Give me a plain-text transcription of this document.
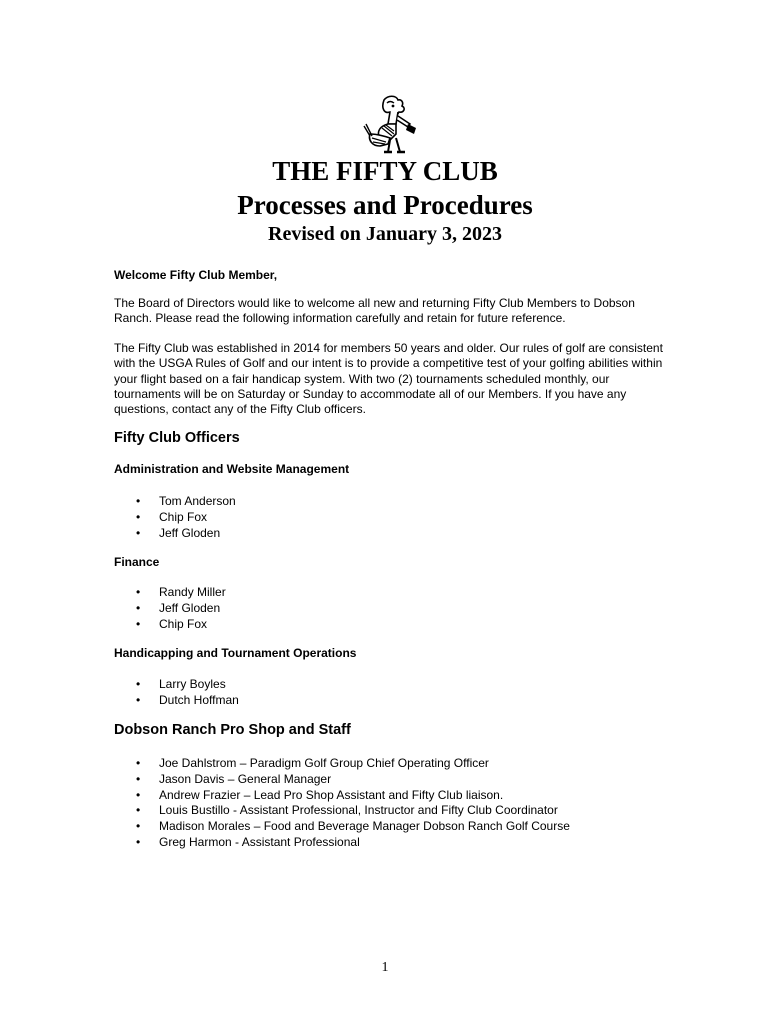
THE FIFTY CLUB
Processes and Procedures
Revised on January 3, 2023
Welcome Fifty Club Member,
The Board of Directors would like to welcome all new and returning Fifty Club Members to Dobson Ranch. Please read the following information carefully and retain for future reference.
The Fifty Club was established in 2014 for members 50 years and older. Our rules of golf are consistent with the USGA Rules of Golf and our intent is to provide a competitive test of your golfing abilities within your flight based on a fair handicap system. With two (2) tournaments scheduled monthly, our tournaments will be on Saturday or Sunday to accommodate all of our Members. If you have any questions, contact any of the Fifty Club officers.
Fifty Club Officers
Administration and Website Management
• Tom Anderson
• Chip Fox
• Jeff Gloden
Finance
• Randy Miller
• Jeff Gloden
• Chip Fox
Handicapping and Tournament Operations
• Larry Boyles
• Dutch Hoffman
Dobson Ranch Pro Shop and Staff
• Joe Dahlstrom – Paradigm Golf Group Chief Operating Officer
• Jason Davis – General Manager
• Andrew Frazier – Lead Pro Shop Assistant and Fifty Club liaison.
• Louis Bustillo - Assistant Professional, Instructor and Fifty Club Coordinator
• Madison Morales – Food and Beverage Manager Dobson Ranch Golf Course
• Greg Harmon - Assistant Professional
1
